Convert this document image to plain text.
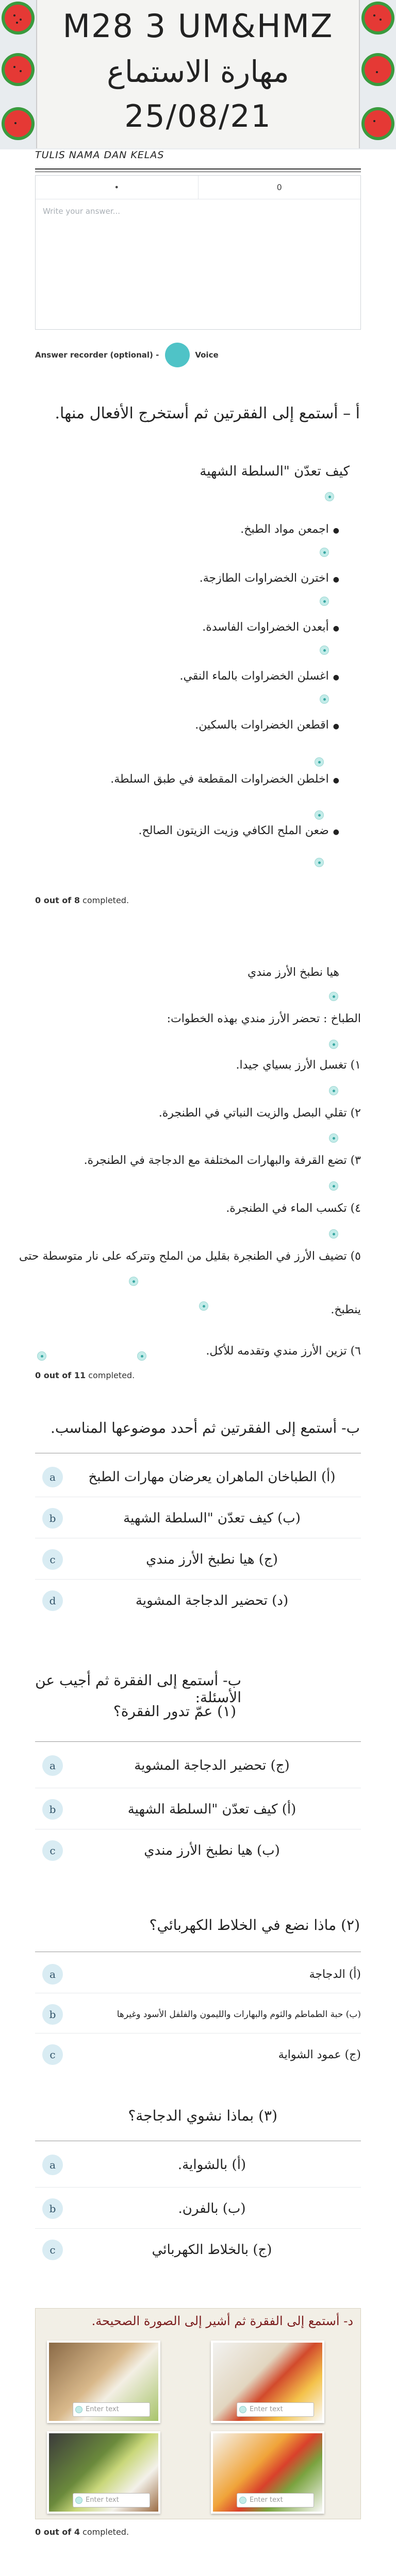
M28 3 UM&HMZ
مهارة الاستماع
25/08/21
TULIS NAMA DAN KELAS
•	0
Write your answer...
Answer recorder (optional) -	Voice
أ – أستمع إلى الفقرتين ثم أستخرج الأفعال منها.
كيف تعدّن "السلطة الشهية
● اجمعن مواد الطبخ.
● اخترن الخضراوات الطازجة.
● أبعدن الخضراوات الفاسدة.
● اغسلن الخضراوات بالماء النقي.
● اقطعن الخضراوات بالسكين.
● اخلطن الخضراوات المقطعة في طبق السلطة.
● ضعن الملح الكافي وزيت الزيتون الصالح.
0 out of 8 completed.
هيا نطبخ الأرز مندي
الطباخ : تحضر الأرز مندي بهذه الخطوات:
١) تغسل الأرز بسياي جيدا.
٢) تقلي البصل والزيت النباتي في الطنجرة.
٣) تضع القرفة والبهارات المختلفة مع الدجاجة في الطنجرة.
٤) تكسب الماء في الطنجرة.
٥) تضيف الأرز في الطنجرة بقليل من الملح وتتركه على نار متوسطة حتى
ينطبخ.
٦) تزين الأرز مندي وتقدمه للأكل.
0 out of 11 completed.
ب- أستمع إلى الفقرتين ثم أحدد موضوعها المناسب.
a	(أ) الطباخان الماهران يعرضان مهارات الطبخ
b	(ب) كيف تعدّن "السلطة الشهية
c	(ج) هيا نطبخ الأرز مندي
d	(د) تحضير الدجاجة المشوية
ب- أستمع إلى الفقرة ثم أجيب عن الأسئلة:
(١) عمّ تدور الفقرة؟
a	(ج) تحضير الدجاجة المشوية
b	(أ) كيف تعدّن "السلطة الشهية
c	(ب) هيا نطبخ الأرز مندي
(٢) ماذا نضع في الخلاط الكهربائي؟
a	(أ) الدجاجة
b	(ب) حبة الطماطم والثوم والبهارات والليمون والفلفل الأسود وغيرها
c	(ج) عمود الشواية
(٣) بماذا نشوي الدجاجة؟
a	(أ) بالشواية.
b	(ب) بالفرن.
c	(ج) بالخلاط الكهربائي
د- أستمع إلى الفقرة ثم أشير إلى الصورة الصحيحة.
Enter text	Enter text
Enter text	Enter text
0 out of 4 completed.
